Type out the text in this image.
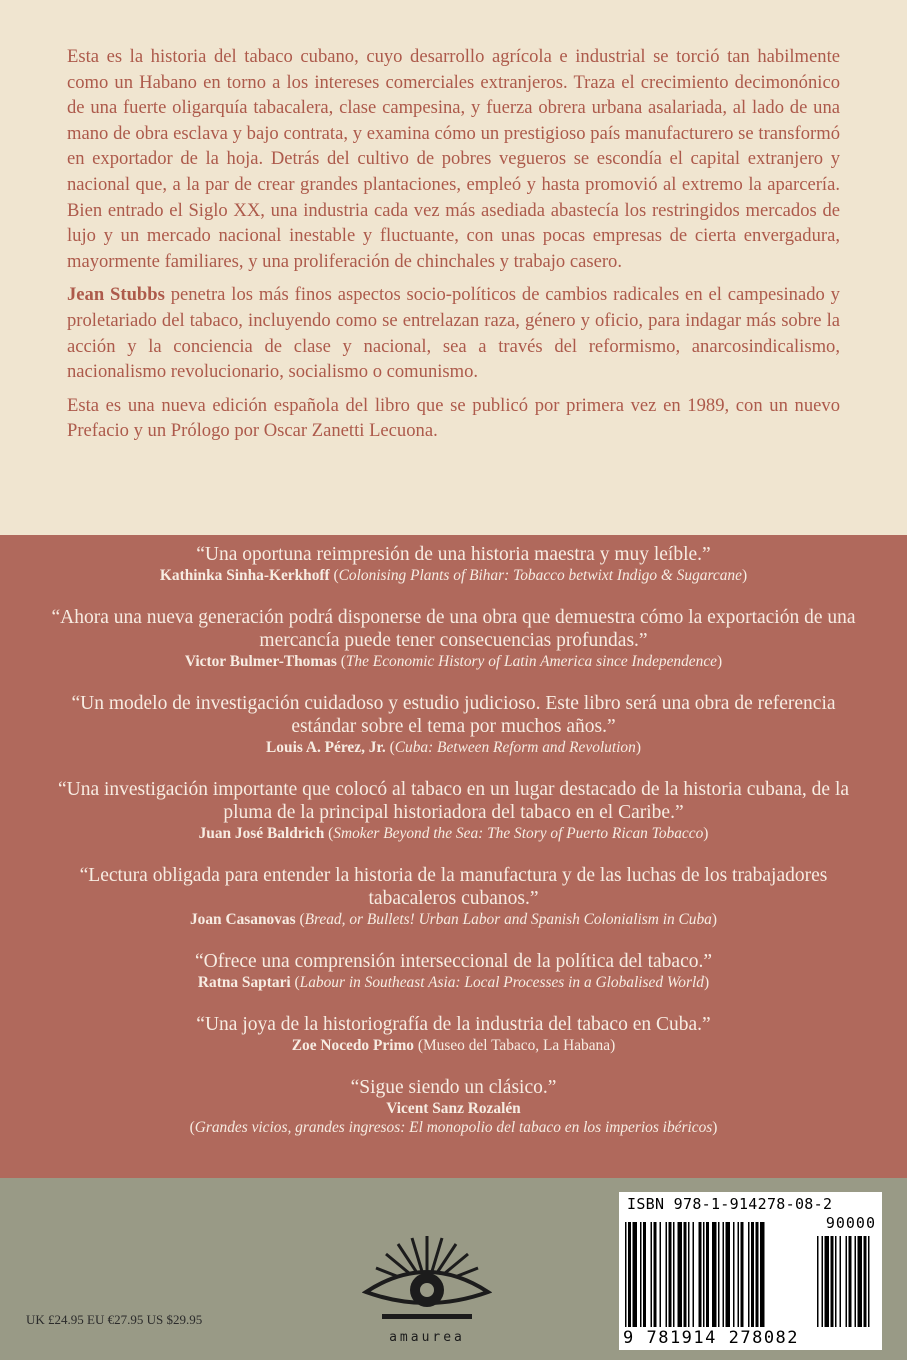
Esta es la historia del tabaco cubano, cuyo desarrollo agrícola e industrial se torció tan habilmente como un Habano en torno a los intereses comerciales extranjeros. Traza el crecimiento decimonónico de una fuerte oligarquía tabacalera, clase campesina, y fuerza obrera urbana asalariada, al lado de una mano de obra esclava y bajo contrata, y examina cómo un prestigioso país manufacturero se transformó en exportador de la hoja. Detrás del cultivo de pobres vegueros se escondía el capital extranjero y nacional que, a la par de crear grandes plantaciones, empleó y hasta promovió al extremo la aparcería. Bien entrado el Siglo XX, una industria cada vez más asediada abastecía los restringidos mercados de lujo y un mercado nacional inestable y fluctuante, con unas pocas empresas de cierta envergadura, mayormente familiares, y una proliferación de chinchales y trabajo casero.

Jean Stubbs penetra los más finos aspectos socio-políticos de cambios radicales en el campesinado y proletariado del tabaco, incluyendo como se entrelazan raza, género y oficio, para indagar más sobre la acción y la conciencia de clase y nacional, sea a través del reformismo, anarcosindicalismo, nacionalismo revolucionario, socialismo o comunismo.

Esta es una nueva edición española del libro que se publicó por primera vez en 1989, con un nuevo Prefacio y un Prólogo por Oscar Zanetti Lecuona.

“Una oportuna reimpresión de una historia maestra y muy leíble.”
Kathinka Sinha-Kerkhoff (Colonising Plants of Bihar: Tobacco betwixt Indigo & Sugarcane)
“Ahora una nueva generación podrá disponerse de una obra que demuestra cómo la exportación de una mercancía puede tener consecuencias profundas.”
Victor Bulmer-Thomas (The Economic History of Latin America since Independence)
“Un modelo de investigación cuidadoso y estudio judicioso. Este libro será una obra de referencia estándar sobre el tema por muchos años.”
Louis A. Pérez, Jr. (Cuba: Between Reform and Revolution)
“Una investigación importante que colocó al tabaco en un lugar destacado de la historia cubana, de la pluma de la principal historiadora del tabaco en el Caribe.”
Juan José Baldrich (Smoker Beyond the Sea: The Story of Puerto Rican Tobacco)
“Lectura obligada para entender la historia de la manufactura y de las luchas de los trabajadores tabacaleros cubanos.”
Joan Casanovas (Bread, or Bullets! Urban Labor and Spanish Colonialism in Cuba)
“Ofrece una comprensión interseccional de la política del tabaco.”
Ratna Saptari (Labour in Southeast Asia: Local Processes in a Globalised World)
“Una joya de la historiografía de la industria del tabaco en Cuba.”
Zoe Nocedo Primo (Museo del Tabaco, La Habana)
“Sigue siendo un clásico.”
Vicent Sanz Rozalén
(Grandes vicios, grandes ingresos: El monopolio del tabaco en los imperios ibéricos)
UK £24.95 EU €27.95 US $29.95
amaurea
ISBN 978-1-914278-08-2
90000
9 781914 278082
